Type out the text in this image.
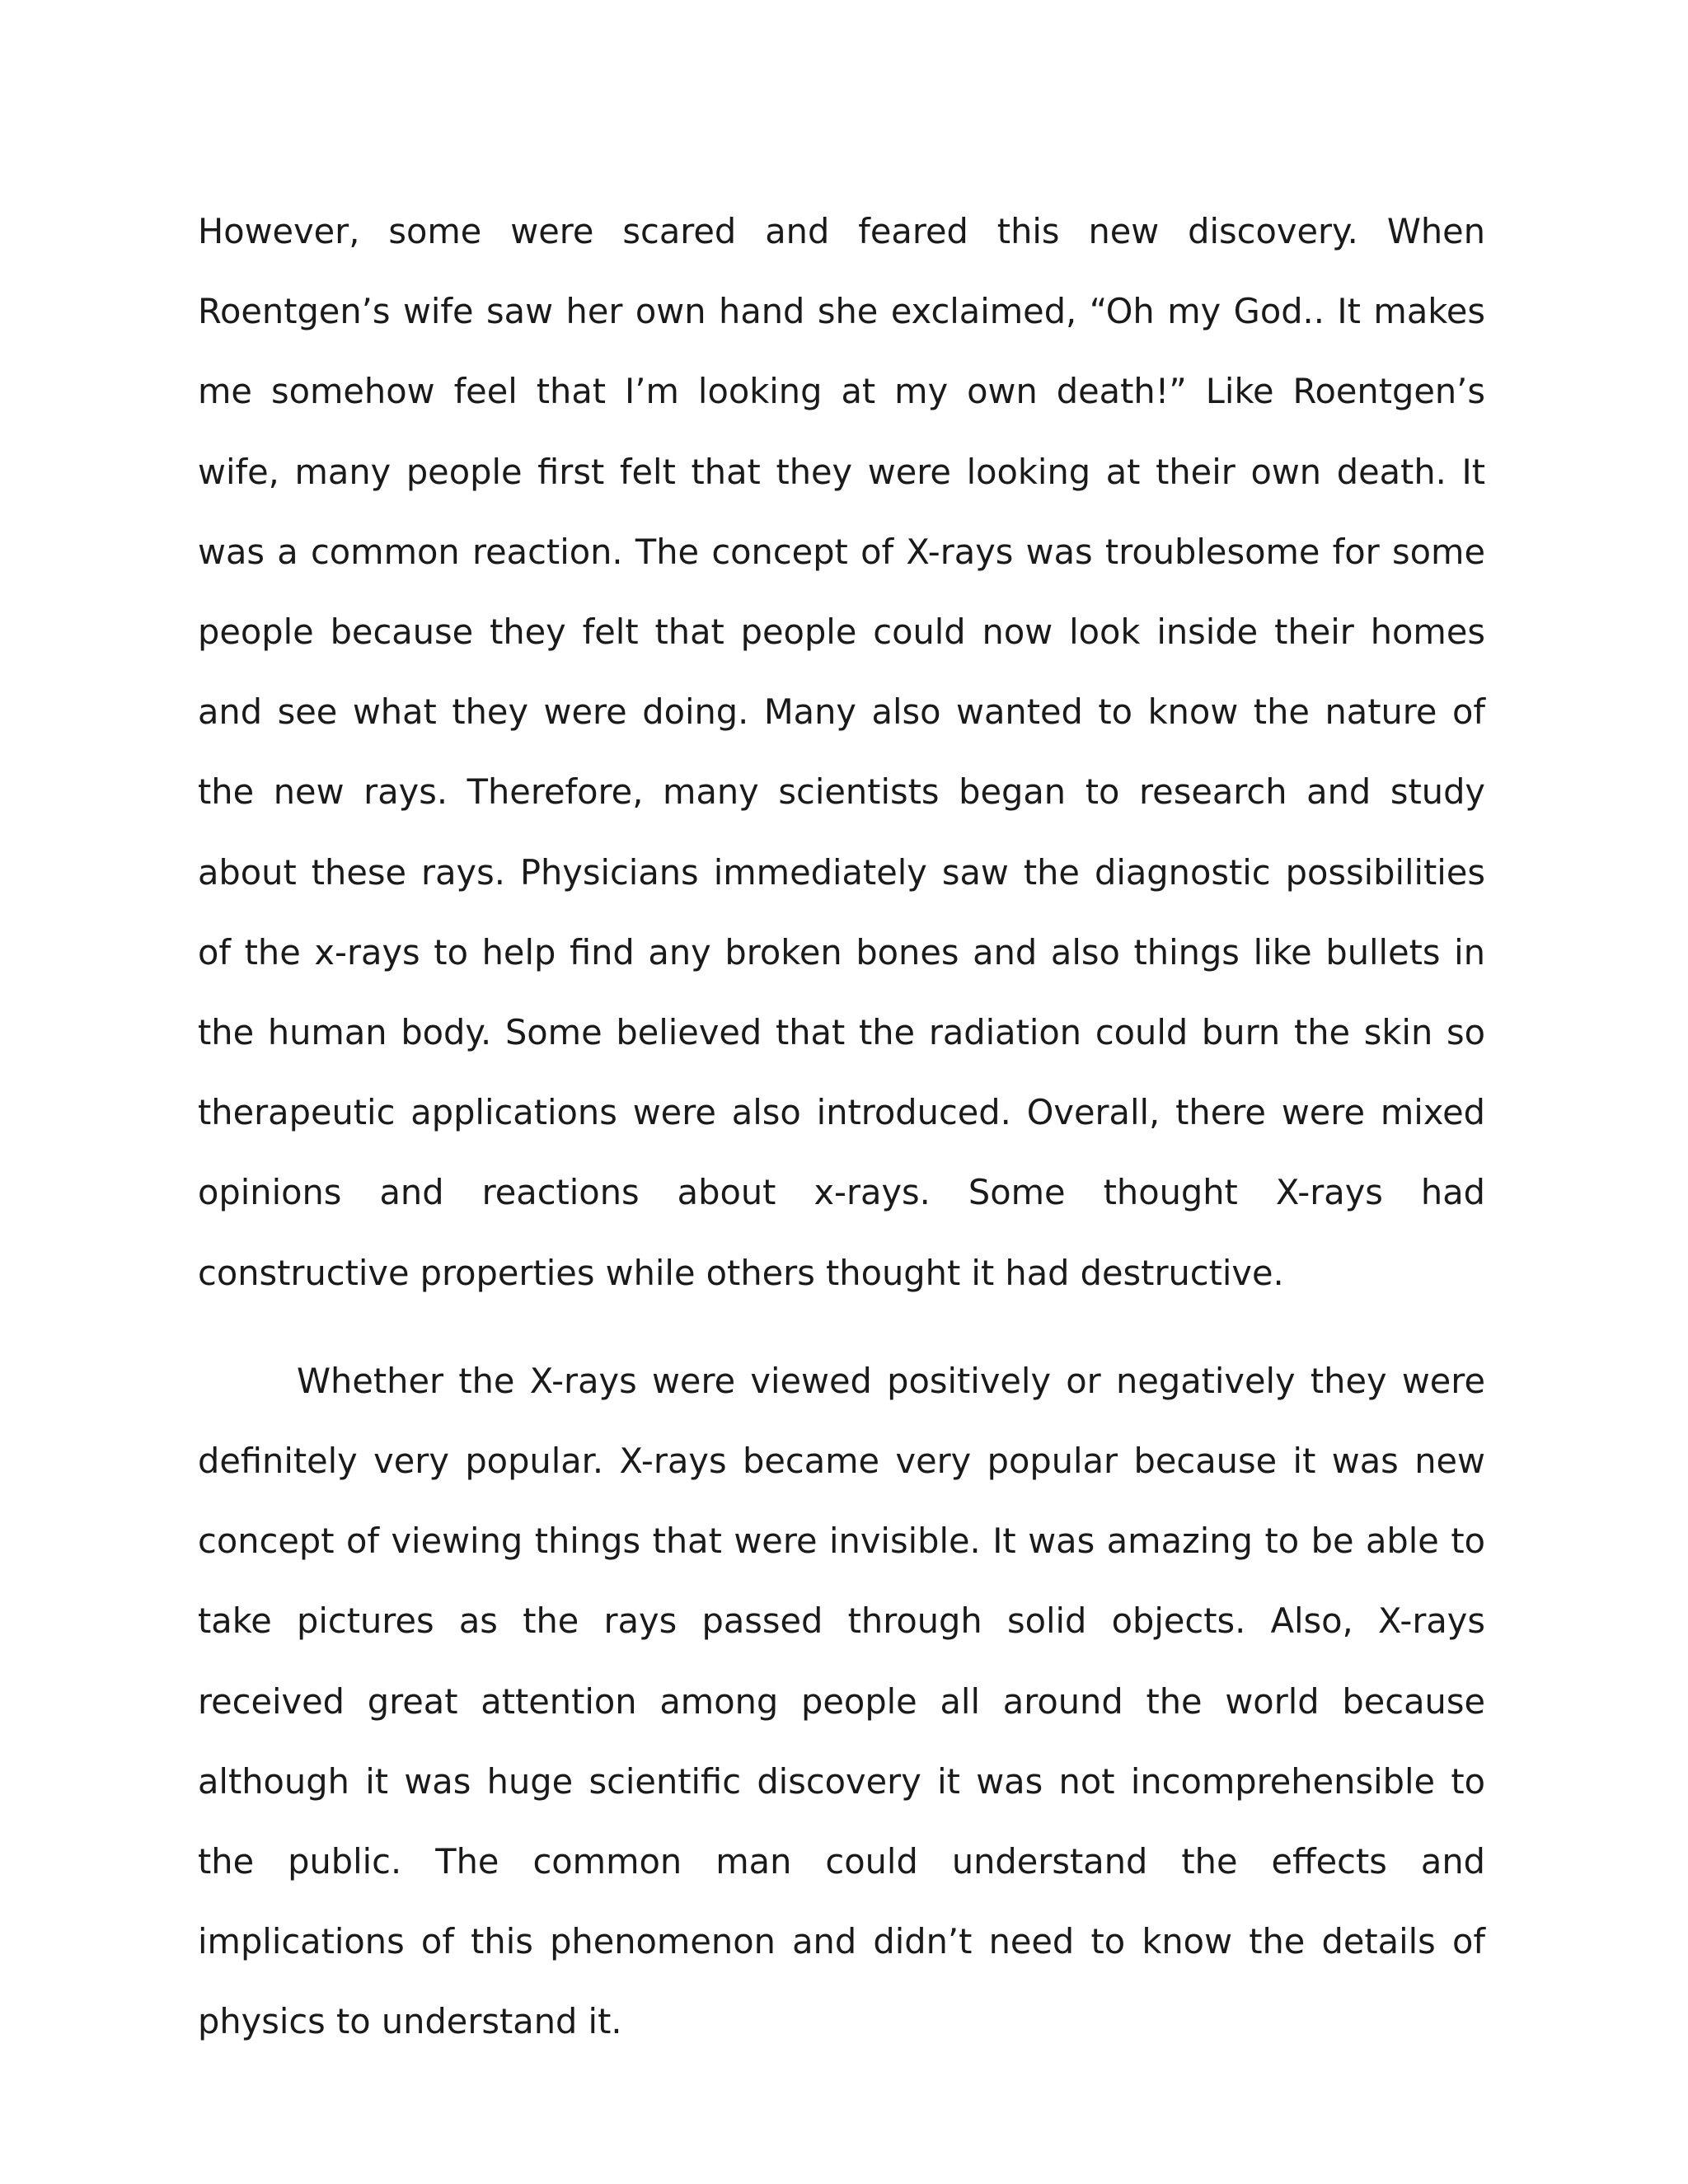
However, some were scared and feared this new discovery. When Roentgen’s wife saw her own hand she exclaimed, “Oh my God.. It makes me somehow feel that I’m looking at my own death!” Like Roentgen’s wife, many people first felt that they were looking at their own death. It was a common reaction. The concept of X-rays was troublesome for some people because they felt that people could now look inside their homes and see what they were doing. Many also wanted to know the nature of the new rays. Therefore, many scientists began to research and study about these rays. Physicians immediately saw the diagnostic possibilities of the x-rays to help find any broken bones and also things like bullets in the human body. Some believed that the radiation could burn the skin so therapeutic applications were also introduced. Overall, there were mixed opinions and reactions about x-rays. Some thought X-rays had constructive properties while others thought it had destructive.

Whether the X-rays were viewed positively or negatively they were definitely very popular. X-rays became very popular because it was new concept of viewing things that were invisible. It was amazing to be able to take pictures as the rays passed through solid objects. Also, X-rays received great attention among people all around the world because although it was huge scientific discovery it was not incomprehensible to the public. The common man could understand the effects and implications of this phenomenon and didn’t need to know the details of physics to understand it.
